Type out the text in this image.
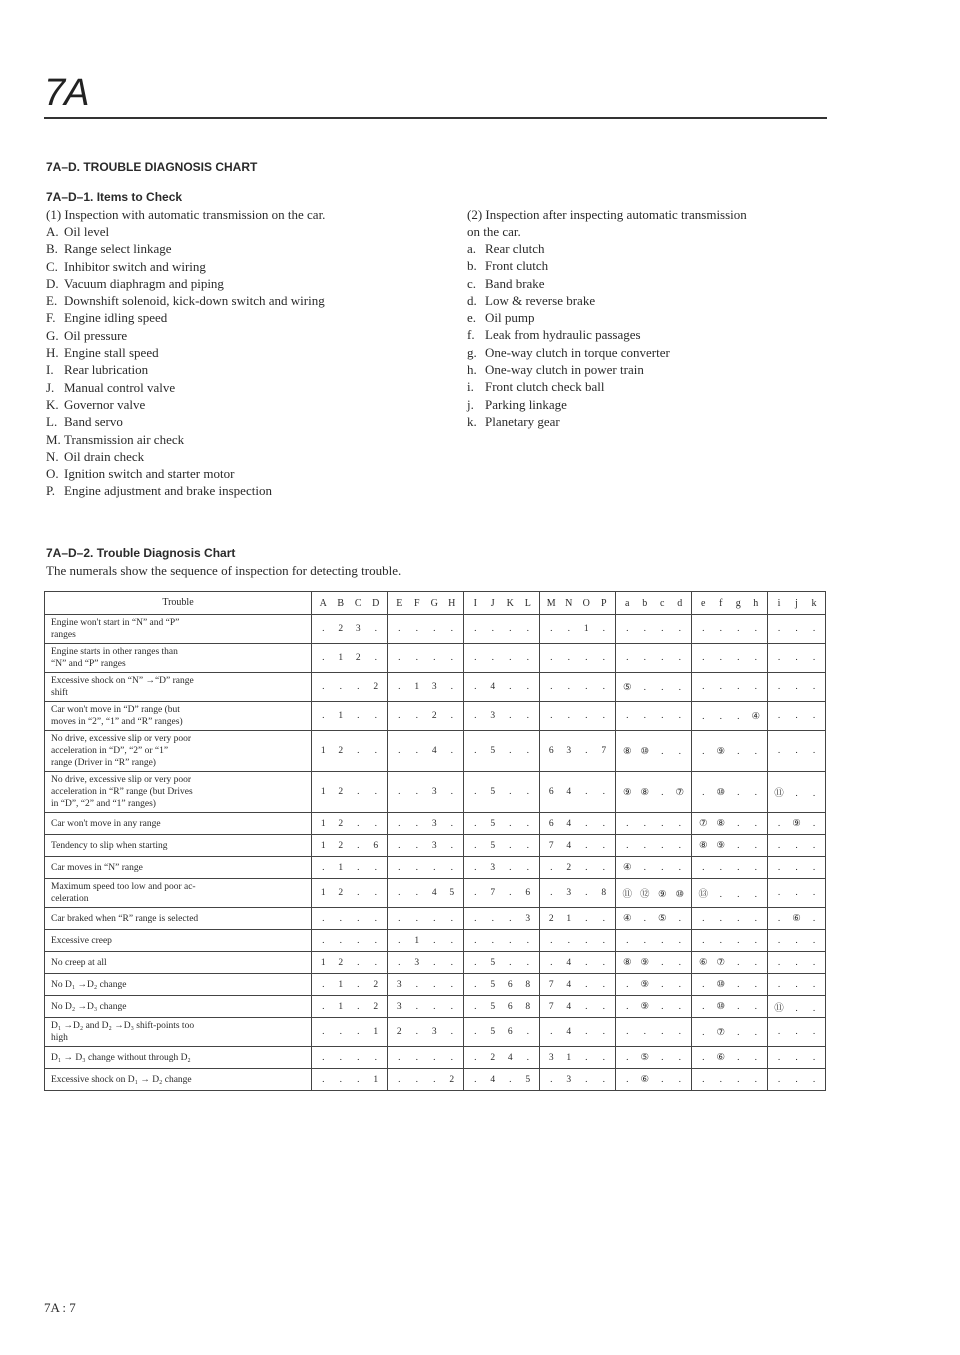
7A
7A–D. TROUBLE DIAGNOSIS CHART
7A–D–1. Items to Check
(1) Inspection with automatic transmission on the car.
A. Oil level
B. Range select linkage
C. Inhibitor switch and wiring
D. Vacuum diaphragm and piping
E. Downshift solenoid, kick-down switch and wiring
F. Engine idling speed
G. Oil pressure
H. Engine stall speed
I. Rear lubrication
J. Manual control valve
K. Governor valve
L. Band servo
M. Transmission air check
N. Oil drain check
O. Ignition switch and starter motor
P. Engine adjustment and brake inspection
(2) Inspection after inspecting automatic transmission
on the car.
a. Rear clutch
b. Front clutch
c. Band brake
d. Low & reverse brake
e. Oil pump
f. Leak from hydraulic passages
g. One-way clutch in torque converter
h. One-way clutch in power train
i. Front clutch check ball
j. Parking linkage
k. Planetary gear
7A–D–2. Trouble Diagnosis Chart
The numerals show the sequence of inspection for detecting trouble.
Trouble	A B C D	E F G H	I J K L	M N O P	a b c d	e f g h	i j k

Engine won't start in “N” and “P”
ranges	. 2 3 .	. . . .	. . . .	. . 1 .	. . . .	. . . .	. . .

Engine starts in other ranges than
“N” and “P” ranges	. 1 2 .	. . . .	. . . .	. . . .	. . . .	. . . .	. . .

Excessive shock on “N” →“D” range
shift	. . . 2	. 1 3 .	. 4 . .	. . . .	⑤ . . .	. . . .	. . .

Car won't move in “D” range (but
moves in “2”, “1” and “R” ranges)	. 1 . .	. . 2 .	. 3 . .	. . . .	. . . .	. . . ④	. . .

No drive, excessive slip or very poor
acceleration in “D”, “2” or “1”
range (Driver in “R” range)	1 2 . .	. . 4 .	. 5 . .	6 3 . 7	⑧ ⑩ . .	. ⑨ . .	. . .

No drive, excessive slip or very poor
acceleration in “R” range (but Drives
in “D”, “2” and “1” ranges)	1 2 . .	. . 3 .	. 5 . .	6 4 . .	⑨ ⑧ . ⑦	. ⑩ . .	⑪ . .

Car won't move in any range	1 2 . .	. . 3 .	. 5 . .	6 4 . .	. . . .	⑦ ⑧ . .	. ⑨ .

Tendency to slip when starting	1 2 . 6	. . 3 .	. 5 . .	7 4 . .	. . . .	⑧ ⑨ . .	. . .

Car moves in “N” range	. 1 . .	. . . .	. 3 . .	. 2 . .	④ . . .	. . . .	. . .

Maximum speed too low and poor ac-
celeration	1 2 . .	. . 4 5	. 7 . 6	. 3 . 8	⑪ ⑫ ⑨ ⑩	⑬ . . .	. . .

Car braked when “R” range is selected	. . . .	. . . .	. . . 3	2 1 . .	④ . ⑤ .	. . . .	. ⑥ .

Excessive creep	. . . .	. 1 . .	. . . .	. . . .	. . . .	. . . .	. . .

No creep at all	1 2 . .	. 3 . .	. 5 . .	. 4 . .	⑧ ⑨ . .	⑥ ⑦ . .	. . .

No D₁ →D₂ change	. 1 . 2	3 . . .	. 5 6 8	7 4 . .	. ⑨ . .	. ⑩ . .	. . .

No D₂ →D₃ change	. 1 . 2	3 . . .	. 5 6 8	7 4 . .	. ⑨ . .	. ⑩ . .	⑪ . .

D₁ →D₂ and D₂ →D₃ shift-points too
high	. . . 1	2 . 3 .	. 5 6 .	. 4 . .	. . . .	. ⑦ . .	. . .

D₁ → D₃ change without through D₂	. . . .	. . . .	. 2 4 .	3 1 . .	. ⑤ . .	. ⑥ . .	. . .

Excessive shock on D₁ → D₂ change	. . . 1	. . . 2	. 4 . 5	. 3 . .	. ⑥ . .	. . . .	. . .
7A : 7
